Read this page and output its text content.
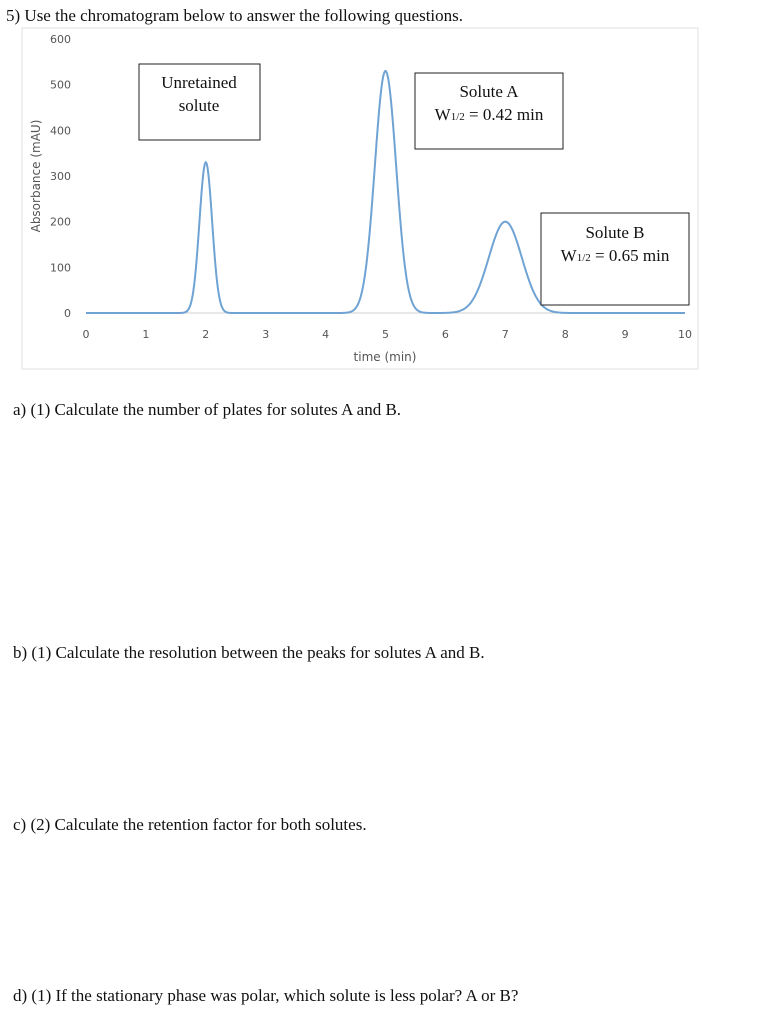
5) Use the chromatogram below to answer the following questions.
0
100
200
300
400
500
600
0	1	2	3	4	5	6	7	8	9	10
Absorbance (mAU)
time (min)
Unretained
solute
Solute A
W1/2 = 0.42 min
Solute B
W1/2 = 0.65 min
a) (1) Calculate the number of plates for solutes A and B.
b) (1) Calculate the resolution between the peaks for solutes A and B.
c) (2) Calculate the retention factor for both solutes.
d) (1) If the stationary phase was polar, which solute is less polar? A or B?
